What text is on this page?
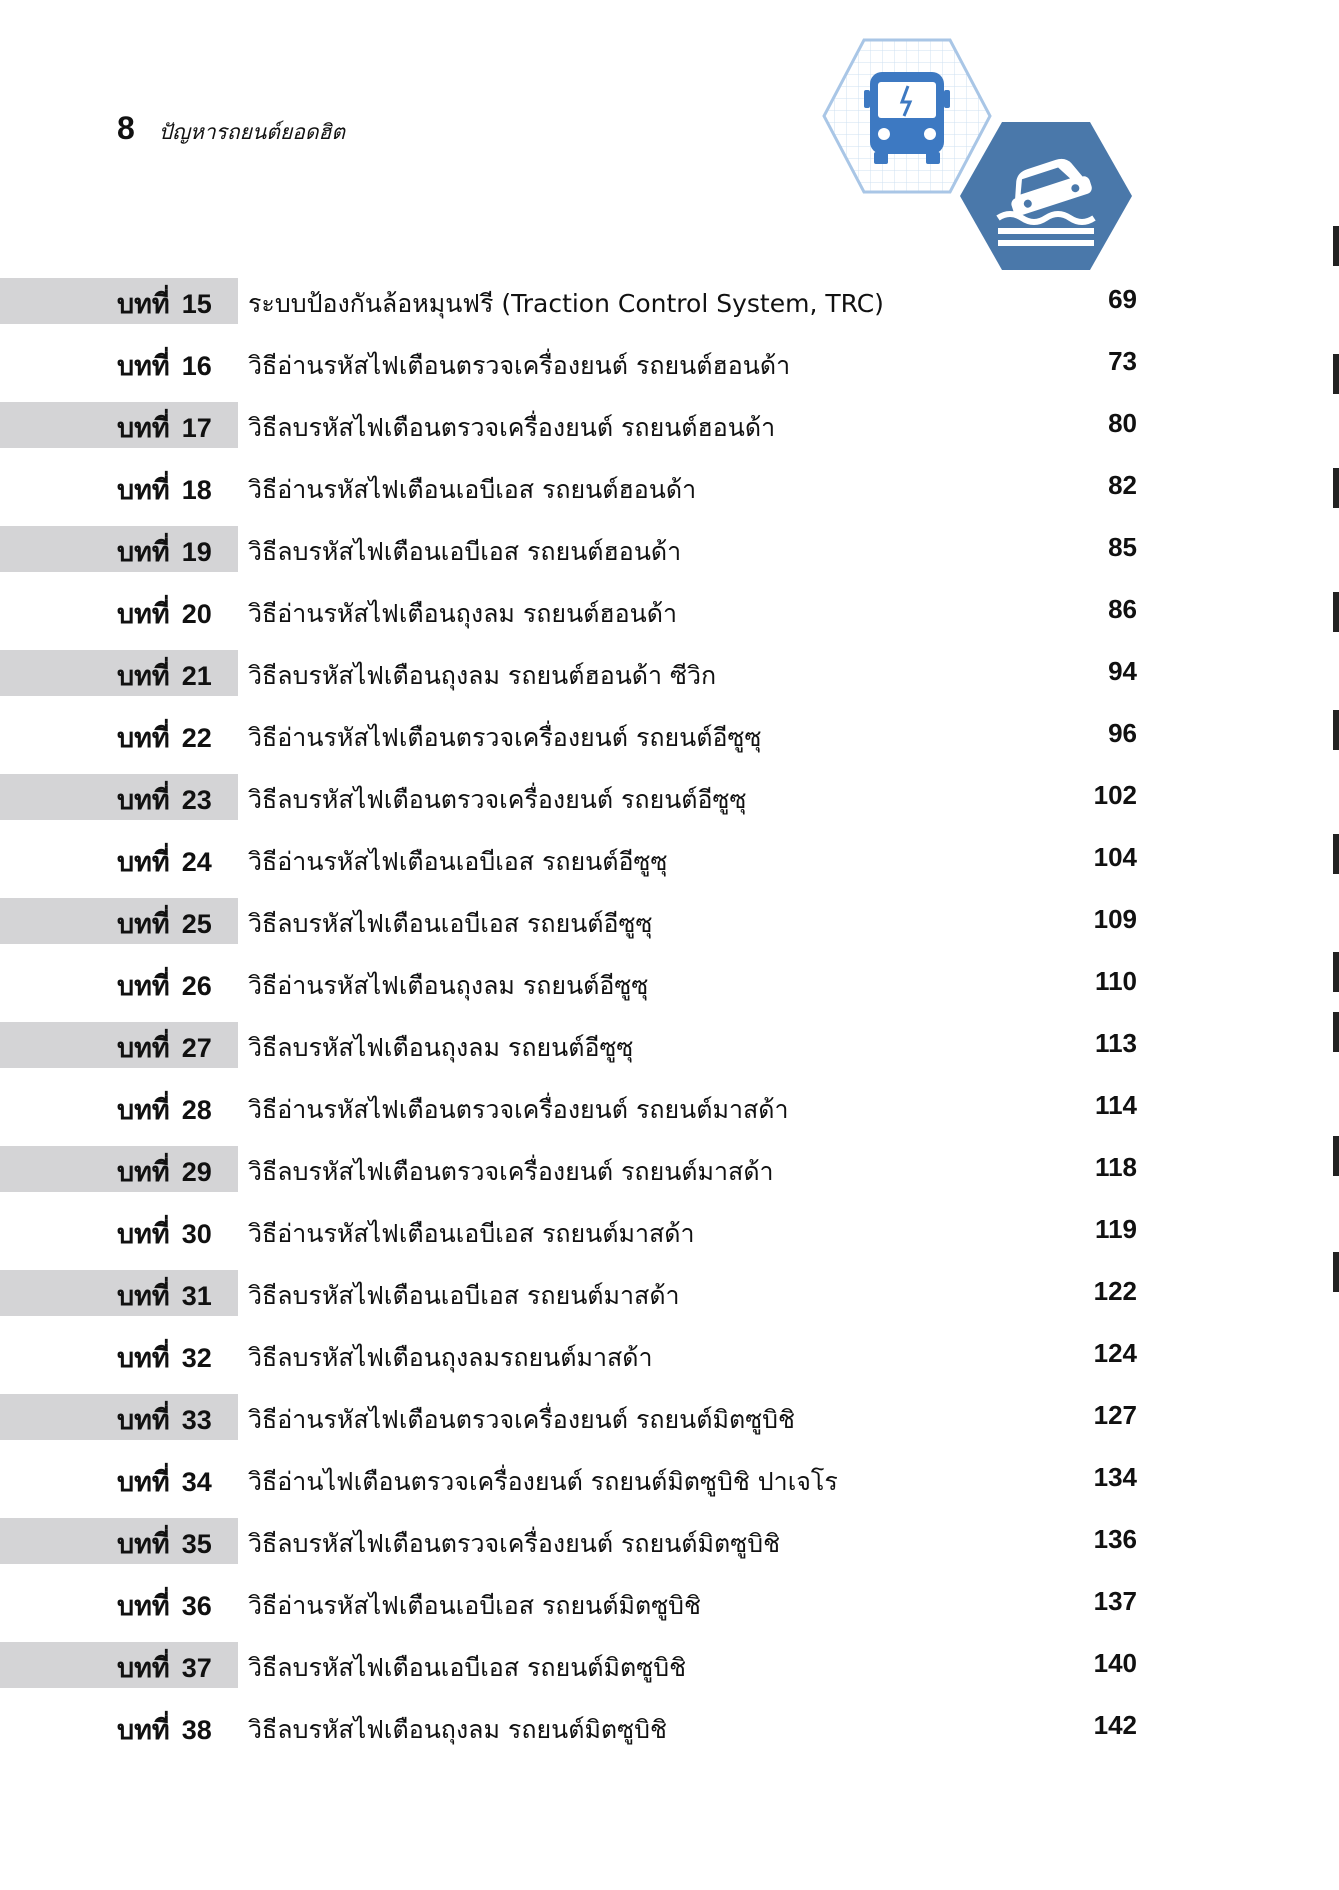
8 ปัญหารถยนต์ยอดฮิต
บทที่ 15 ระบบป้องกันล้อหมุนฟรี (Traction Control System, TRC)	69
บทที่ 16 วิธีอ่านรหัสไฟเตือนตรวจเครื่องยนต์ รถยนต์ฮอนด้า	73
บทที่ 17 วิธีลบรหัสไฟเตือนตรวจเครื่องยนต์ รถยนต์ฮอนด้า	80
บทที่ 18 วิธีอ่านรหัสไฟเตือนเอบีเอส รถยนต์ฮอนด้า	82
บทที่ 19 วิธีลบรหัสไฟเตือนเอบีเอส รถยนต์ฮอนด้า	85
บทที่ 20 วิธีอ่านรหัสไฟเตือนถุงลม รถยนต์ฮอนด้า	86
บทที่ 21 วิธีลบรหัสไฟเตือนถุงลม รถยนต์ฮอนด้า ซีวิก	94
บทที่ 22 วิธีอ่านรหัสไฟเตือนตรวจเครื่องยนต์ รถยนต์อีซูซุ	96
บทที่ 23 วิธีลบรหัสไฟเตือนตรวจเครื่องยนต์ รถยนต์อีซูซุ	102
บทที่ 24 วิธีอ่านรหัสไฟเตือนเอบีเอส รถยนต์อีซูซุ	104
บทที่ 25 วิธีลบรหัสไฟเตือนเอบีเอส รถยนต์อีซูซุ	109
บทที่ 26 วิธีอ่านรหัสไฟเตือนถุงลม รถยนต์อีซูซุ	110
บทที่ 27 วิธีลบรหัสไฟเตือนถุงลม รถยนต์อีซูซุ	113
บทที่ 28 วิธีอ่านรหัสไฟเตือนตรวจเครื่องยนต์ รถยนต์มาสด้า	114
บทที่ 29 วิธีลบรหัสไฟเตือนตรวจเครื่องยนต์ รถยนต์มาสด้า	118
บทที่ 30 วิธีอ่านรหัสไฟเตือนเอบีเอส รถยนต์มาสด้า	119
บทที่ 31 วิธีลบรหัสไฟเตือนเอบีเอส รถยนต์มาสด้า	122
บทที่ 32 วิธีลบรหัสไฟเตือนถุงลมรถยนต์มาสด้า	124
บทที่ 33 วิธีอ่านรหัสไฟเตือนตรวจเครื่องยนต์ รถยนต์มิตซูบิชิ	127
บทที่ 34 วิธีอ่านไฟเตือนตรวจเครื่องยนต์ รถยนต์มิตซูบิชิ ปาเจโร	134
บทที่ 35 วิธีลบรหัสไฟเตือนตรวจเครื่องยนต์ รถยนต์มิตซูบิชิ	136
บทที่ 36 วิธีอ่านรหัสไฟเตือนเอบีเอส รถยนต์มิตซูบิชิ	137
บทที่ 37 วิธีลบรหัสไฟเตือนเอบีเอส รถยนต์มิตซูบิชิ	140
บทที่ 38 วิธีลบรหัสไฟเตือนถุงลม รถยนต์มิตซูบิชิ	142
